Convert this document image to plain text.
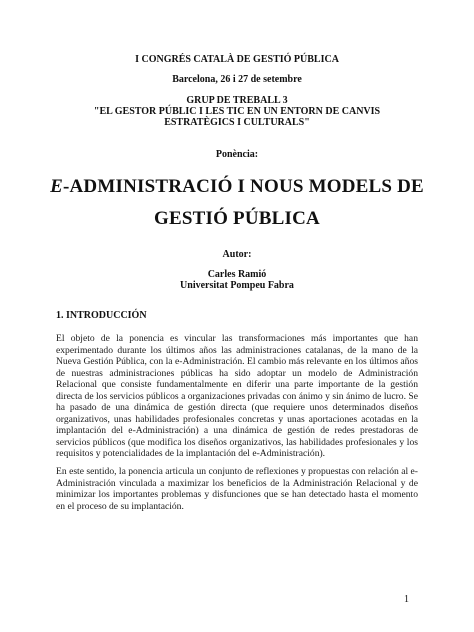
I CONGRÉS CATALÀ DE GESTIÓ PÚBLICA
Barcelona, 26 i 27 de setembre
GRUP DE TREBALL 3
"EL GESTOR PÚBLIC I LES TIC EN UN ENTORN DE CANVIS
ESTRATÈGICS I CULTURALS"
Ponència:
E-ADMINISTRACIÓ I NOUS MODELS DE
GESTIÓ PÚBLICA
Autor:
Carles Ramió
Universitat Pompeu Fabra
1. INTRODUCCIÓN
El objeto de la ponencia es vincular las transformaciones más importantes que han experimentado durante los últimos años las administraciones catalanas, de la mano de la Nueva Gestión Pública, con la e-Administración. El cambio más relevante en los últimos años de nuestras administraciones públicas ha sido adoptar un modelo de Administración Relacional que consiste fundamentalmente en diferir una parte importante de la gestión directa de los servicios públicos a organizaciones privadas con ánimo y sin ánimo de lucro. Se ha pasado de una dinámica de gestión directa (que requiere unos determinados diseños organizativos, unas habilidades profesionales concretas y unas aportaciones acotadas en la implantación del e-Administración) a una dinámica de gestión de redes prestadoras de servicios públicos (que modifica los diseños organizativos, las habilidades profesionales y los requisitos y potencialidades de la implantación del e-Administración).
En este sentido, la ponencia articula un conjunto de reflexiones y propuestas con relación al e-Administración vinculada a maximizar los beneficios de la Administración Relacional y de minimizar los importantes problemas y disfunciones que se han detectado hasta el momento en el proceso de su implantación.
1
